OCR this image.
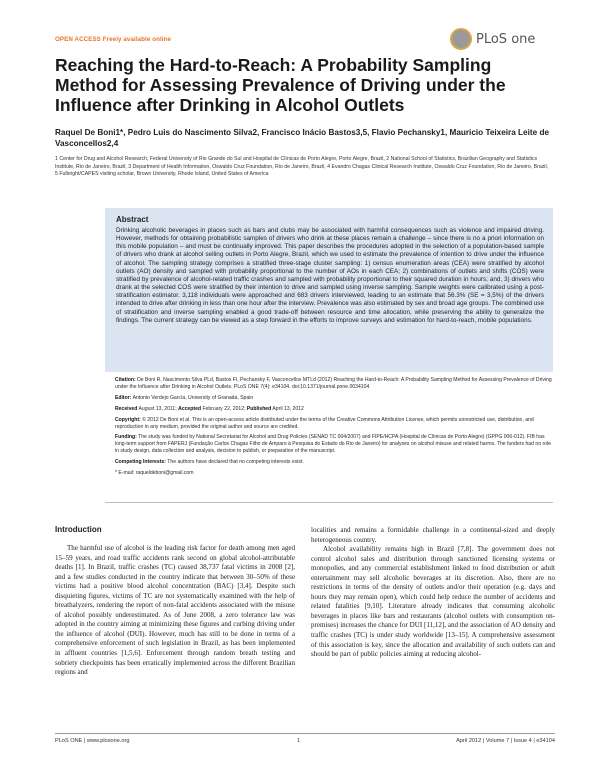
OPEN ACCESS Freely available online	PLoS one
Reaching the Hard-to-Reach: A Probability Sampling Method for Assessing Prevalence of Driving under the Influence after Drinking in Alcohol Outlets
Raquel De Boni1*, Pedro Luis do Nascimento Silva2, Francisco Inácio Bastos3,5, Flavio Pechansky1, Mauricio Teixeira Leite de Vasconcellos2,4
1 Center for Drug and Alcohol Research, Federal University of Rio Grande do Sul and Hospital de Clínicas de Porto Alegre, Porto Alegre, Brazil, 2 National School of Statistics, Brazilian Geography and Statistics Institute, Rio de Janeiro, Brazil, 3 Department of Health Information, Oswaldo Cruz Foundation, Rio de Janeiro, Brazil, 4 Evandro Chagas Clinical Research Institute, Oswaldo Cruz Foundation, Rio de Janeiro, Brazil, 5 Fulbright/CAPES visiting scholar, Brown University, Rhode Island, United States of America
Abstract
Drinking alcoholic beverages in places such as bars and clubs may be associated with harmful consequences such as violence and impaired driving. However, methods for obtaining probabilistic samples of drivers who drink at these places remain a challenge – since there is no a priori information on this mobile population – and must be continually improved. This paper describes the procedures adopted in the selection of a population-based sample of drivers who drank at alcohol selling outlets in Porto Alegre, Brazil, which we used to estimate the prevalence of intention to drive under the influence of alcohol. The sampling strategy comprises a stratified three-stage cluster sampling: 1) census enumeration areas (CEA) were stratified by alcohol outlets (AO) density and sampled with probability proportional to the number of AOs in each CEA; 2) combinations of outlets and shifts (COS) were stratified by prevalence of alcohol-related traffic crashes and sampled with probability proportional to their squared duration in hours; and, 3) drivers who drank at the selected COS were stratified by their intention to drive and sampled using inverse sampling. Sample weights were calibrated using a post-stratification estimator. 3,118 individuals were approached and 683 drivers interviewed, leading to an estimate that 56.3% (SE = 3,5%) of the drivers intended to drive after drinking in less than one hour after the interview. Prevalence was also estimated by sex and broad age groups. The combined use of stratification and inverse sampling enabled a good trade-off between resource and time allocation, while preserving the ability to generalize the findings. The current strategy can be viewed as a step forward in the efforts to improve surveys and estimation for hard-to-reach, mobile populations.

Citation: De Boni R, Nascimento Silva PLd, Bastos FI, Pechansky F, Vasconcellos MTLd (2012) Reaching the Hard-to-Reach: A Probability Sampling Method for Assessing Prevalence of Driving under the Influence after Drinking in Alcohol Outlets. PLoS ONE 7(4): e34104. doi:10.1371/journal.pone.0034104

Editor: Antonio Verdejo García, University of Granada, Spain

Received August 13, 2011; Accepted February 22, 2012; Published April 13, 2012

Copyright: © 2012 De Boni et al. This is an open-access article distributed under the terms of the Creative Commons Attribution License, which permits unrestricted use, distribution, and reproduction in any medium, provided the original author and source are credited.

Funding: The study was funded by National Secretariat for Alcohol and Drug Policies (SENAD TC 004/2007) and FIPE/HCPA (Hospital de Clínicas de Porto Alegre) (GPPG 006-012). FIB has long-term support from FAPERJ (Fundação Carlos Chagas Filho de Amparo à Pesquisa do Estado do Rio de Janeiro) for analyses on alcohol misuse and related harms. The funders had no role in study design, data collection and analysis, decision to publish, or preparation of the manuscript.

Competing Interests: The authors have declared that no competing interests exist.

* E-mail: raqueldeboni@gmail.com

Introduction

The harmful use of alcohol is the leading risk factor for death among men aged 15–59 years, and road traffic accidents rank second on global alcohol-attributable deaths [1]. In Brazil, traffic crashes (TC) caused 38,737 fatal victims in 2008 [2], and a few studies conducted in the country indicate that between 30–50% of these victims had a positive blood alcohol concentration (BAC) [3,4]. Despite such disquieting figures, victims of TC are not systematically examined with the help of breathalyzers, rendering the report of non-fatal accidents associated with the misuse of alcohol possibly underestimated. As of June 2008, a zero tolerance law was adopted in the country aiming at minimizing these figures and curbing driving under the influence of alcohol (DUI). However, much has still to be done in terms of a comprehensive enforcement of such legislation in Brazil, as has been implemented in affluent countries [1,5,6]. Enforcement through random breath testing and sobriety checkpoints has been erratically implemented across the different Brazilian regions and

localities and remains a formidable challenge in a continental-sized and deeply heterogeneous country.

Alcohol availability remains high in Brazil [7,8]. The government does not control alcohol sales and distribution through sanctioned licensing systems or monopolies, and any commercial establishment linked to food distribution or adult entertainment may sell alcoholic beverages at its discretion. Also, there are no restrictions in terms of the density of outlets and/or their operation (e.g. days and hours they may remain open), which could help reduce the number of accidents and related fatalities [9,10]. Literature already indicates that consuming alcoholic beverages in places like bars and restaurants (alcohol outlets with consumption on-premises) increases the chance for DUI [11,12], and the association of AO density and traffic crashes (TC) is under study worldwide [13–15]. A comprehensive assessment of this association is key, since the allocation and availability of such outlets can and should be part of public policies aiming at reducing alcohol-

PLoS ONE | www.plosone.org	1	April 2012 | Volume 7 | Issue 4 | e34104
